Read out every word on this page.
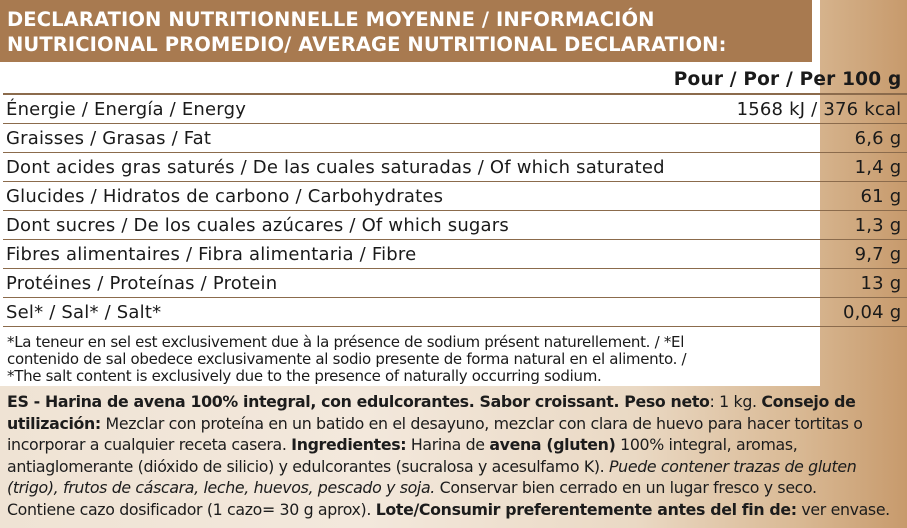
DECLARATION NUTRITIONNELLE MOYENNE / INFORMACIÓN
NUTRICIONAL PROMEDIO/ AVERAGE NUTRITIONAL DECLARATION:
	Pour / Por / Per 100 g
Énergie / Energía / Energy	1568 kJ / 376 kcal
Graisses / Grasas / Fat	6,6 g
Dont acides gras saturés / De las cuales saturadas / Of which saturated	1,4 g
Glucides / Hidratos de carbono / Carbohydrates	61 g
Dont sucres / De los cuales azúcares / Of which sugars	1,3 g
Fibres alimentaires / Fibra alimentaria / Fibre	9,7 g
Protéines / Proteínas / Protein	13 g
Sel* / Sal* / Salt*	0,04 g
*La teneur en sel est exclusivement due à la présence de sodium présent naturellement. / *El
contenido de sal obedece exclusivamente al sodio presente de forma natural en el alimento. /
*The salt content is exclusively due to the presence of naturally occurring sodium.
ES - Harina de avena 100% integral, con edulcorantes. Sabor croissant. Peso neto: 1 kg. Consejo de
utilización: Mezclar con proteína en un batido en el desayuno, mezclar con clara de huevo para hacer tortitas o
incorporar a cualquier receta casera. Ingredientes: Harina de avena (gluten) 100% integral, aromas,
antiaglomerante (dióxido de silicio) y edulcorantes (sucralosa y acesulfamo K). Puede contener trazas de gluten
(trigo), frutos de cáscara, leche, huevos, pescado y soja. Conservar bien cerrado en un lugar fresco y seco.
Contiene cazo dosificador (1 cazo= 30 g aprox). Lote/Consumir preferentemente antes del fin de: ver envase.
